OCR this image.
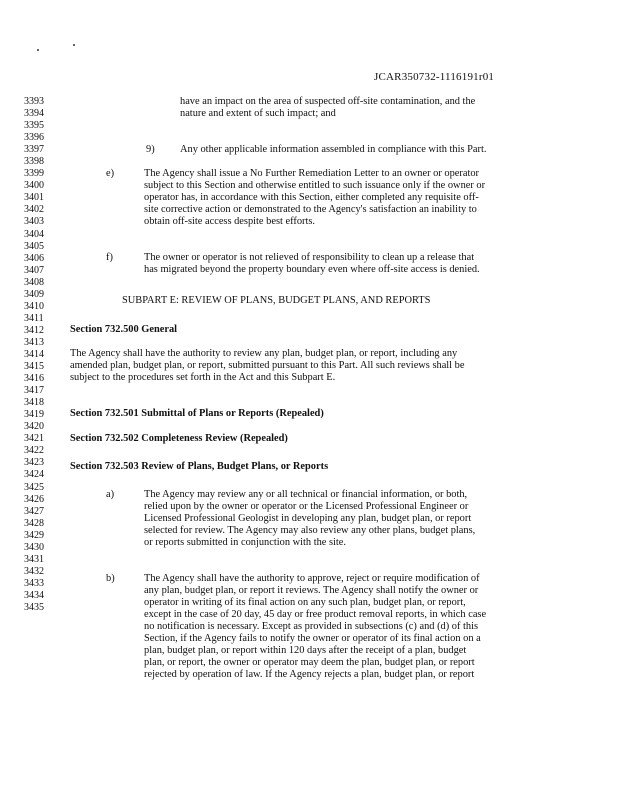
JCAR350732-1116191r01
3393
3394
3395
3396
3397
3398
3399
3400
3401
3402
3403
3404
3405
3406
3407
3408
3409
3410
3411
3412
3413
3414
3415
3416
3417
3418
3419
3420
3421
3422
3423
3424
3425
3426
3427
3428
3429
3430
3431
3432
3433
3434
3435
have an impact on the area of suspected off-site contamination, and the
nature and extent of such impact; and
9) Any other applicable information assembled in compliance with this Part.
e)	The Agency shall issue a No Further Remediation Letter to an owner or operator
subject to this Section and otherwise entitled to such issuance only if the owner or
operator has, in accordance with this Section, either completed any requisite off-
site corrective action or demonstrated to the Agency's satisfaction an inability to
obtain off-site access despite best efforts.
f)	The owner or operator is not relieved of responsibility to clean up a release that
has migrated beyond the property boundary even where off-site access is denied.
SUBPART E: REVIEW OF PLANS, BUDGET PLANS, AND REPORTS
Section 732.500 General
The Agency shall have the authority to review any plan, budget plan, or report, including any
amended plan, budget plan, or report, submitted pursuant to this Part. All such reviews shall be
subject to the procedures set forth in the Act and this Subpart E.
Section 732.501 Submittal of Plans or Reports (Repealed)
Section 732.502 Completeness Review (Repealed)
Section 732.503 Review of Plans, Budget Plans, or Reports
a)	The Agency may review any or all technical or financial information, or both,
relied upon by the owner or operator or the Licensed Professional Engineer or
Licensed Professional Geologist in developing any plan, budget plan, or report
selected for review. The Agency may also review any other plans, budget plans,
or reports submitted in conjunction with the site.
b)	The Agency shall have the authority to approve, reject or require modification of
any plan, budget plan, or report it reviews. The Agency shall notify the owner or
operator in writing of its final action on any such plan, budget plan, or report,
except in the case of 20 day, 45 day or free product removal reports, in which case
no notification is necessary. Except as provided in subsections (c) and (d) of this
Section, if the Agency fails to notify the owner or operator of its final action on a
plan, budget plan, or report within 120 days after the receipt of a plan, budget
plan, or report, the owner or operator may deem the plan, budget plan, or report
rejected by operation of law. If the Agency rejects a plan, budget plan, or report
